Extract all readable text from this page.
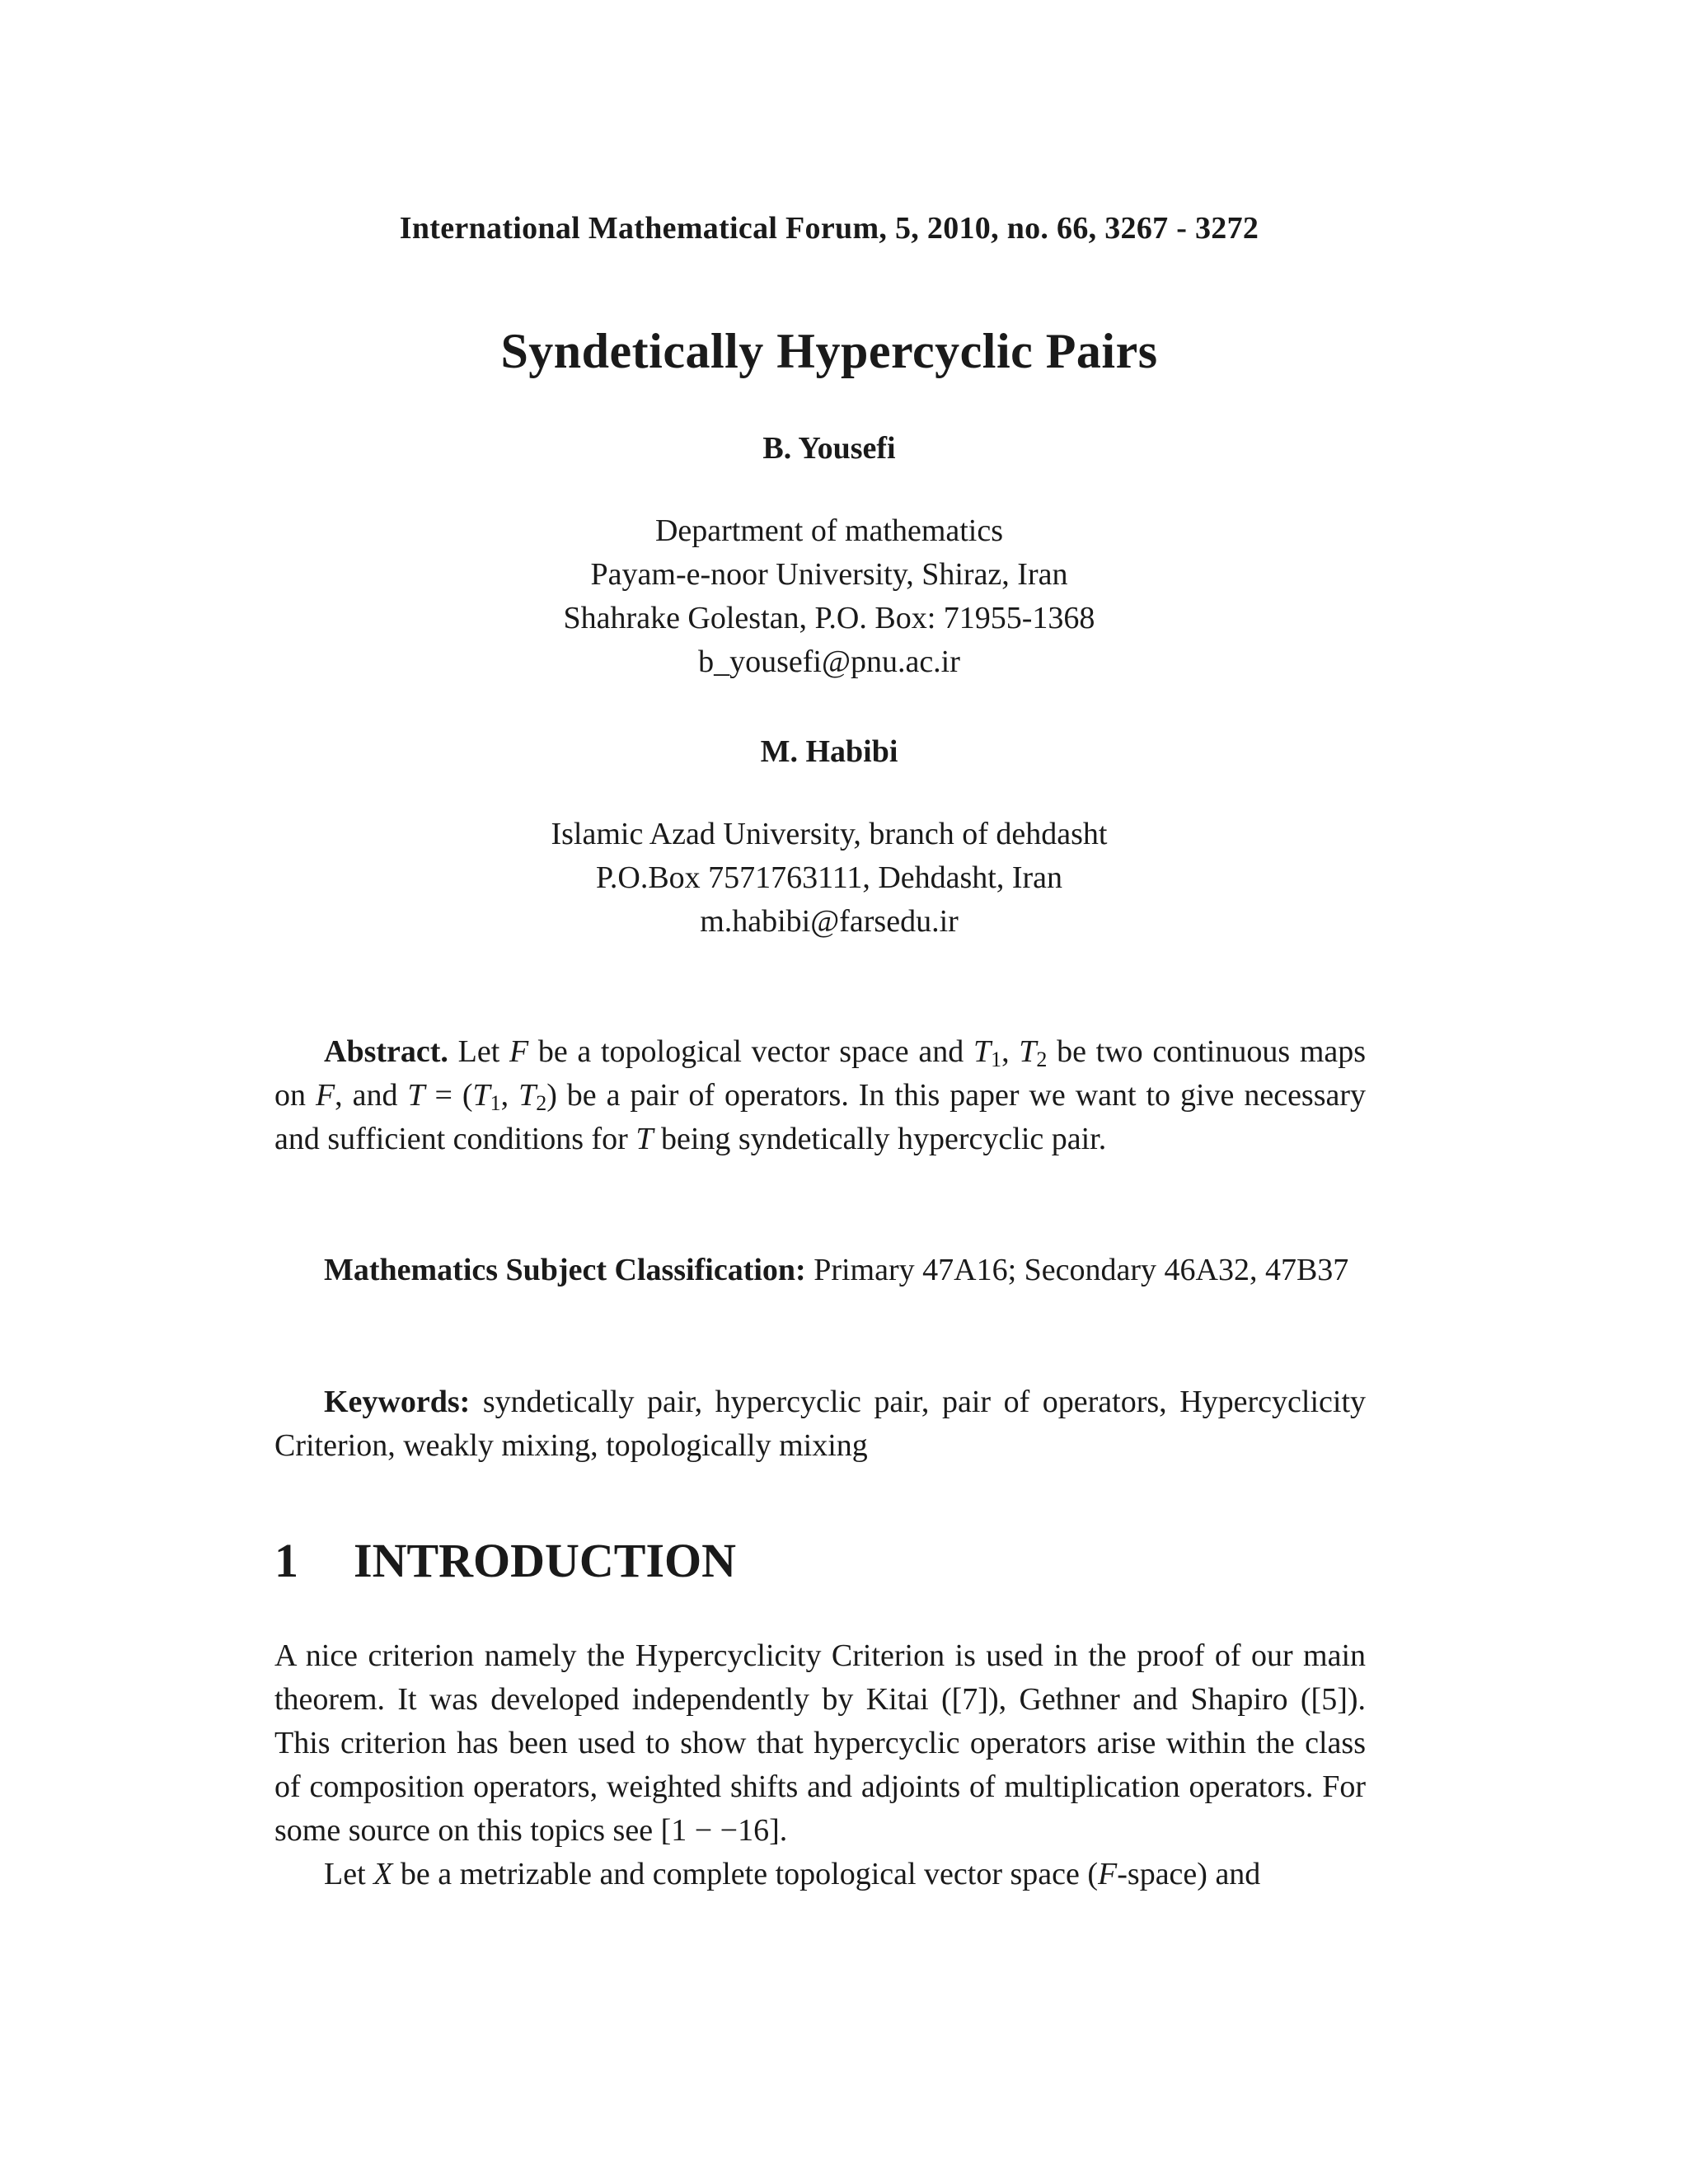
International Mathematical Forum, 5, 2010, no. 66, 3267 - 3272
Syndetically Hypercyclic Pairs
B. Yousefi
Department of mathematics
Payam-e-noor University, Shiraz, Iran
Shahrake Golestan, P.O. Box: 71955-1368
b_yousefi@pnu.ac.ir
M. Habibi
Islamic Azad University, branch of dehdasht
P.O.Box 7571763111, Dehdasht, Iran
m.habibi@farsedu.ir

Abstract. Let F be a topological vector space and $T_1$, $T_2$ be two continuous maps on F, and $T = (T_1$, $T_2$) be a pair of operators. In this paper we want to give necessary and sufficient conditions for T being syndetically hypercyclic pair.

Mathematics Subject Classification: Primary 47A16; Secondary 46A32, 47B37

Keywords: syndetically pair, hypercyclic pair, pair of operators, Hypercyclicity Criterion, weakly mixing, topologically mixing

1 INTRODUCTION

A nice criterion namely the Hypercyclicity Criterion is used in the proof of our main theorem. It was developed independently by Kitai ([7]), Gethner and Shapiro ([5]). This criterion has been used to show that hypercyclic operators arise within the class of composition operators, weighted shifts and adjoints of multiplication operators. For some source on this topics see [1 − −16].

Let X be a metrizable and complete topological vector space (F-space) and
